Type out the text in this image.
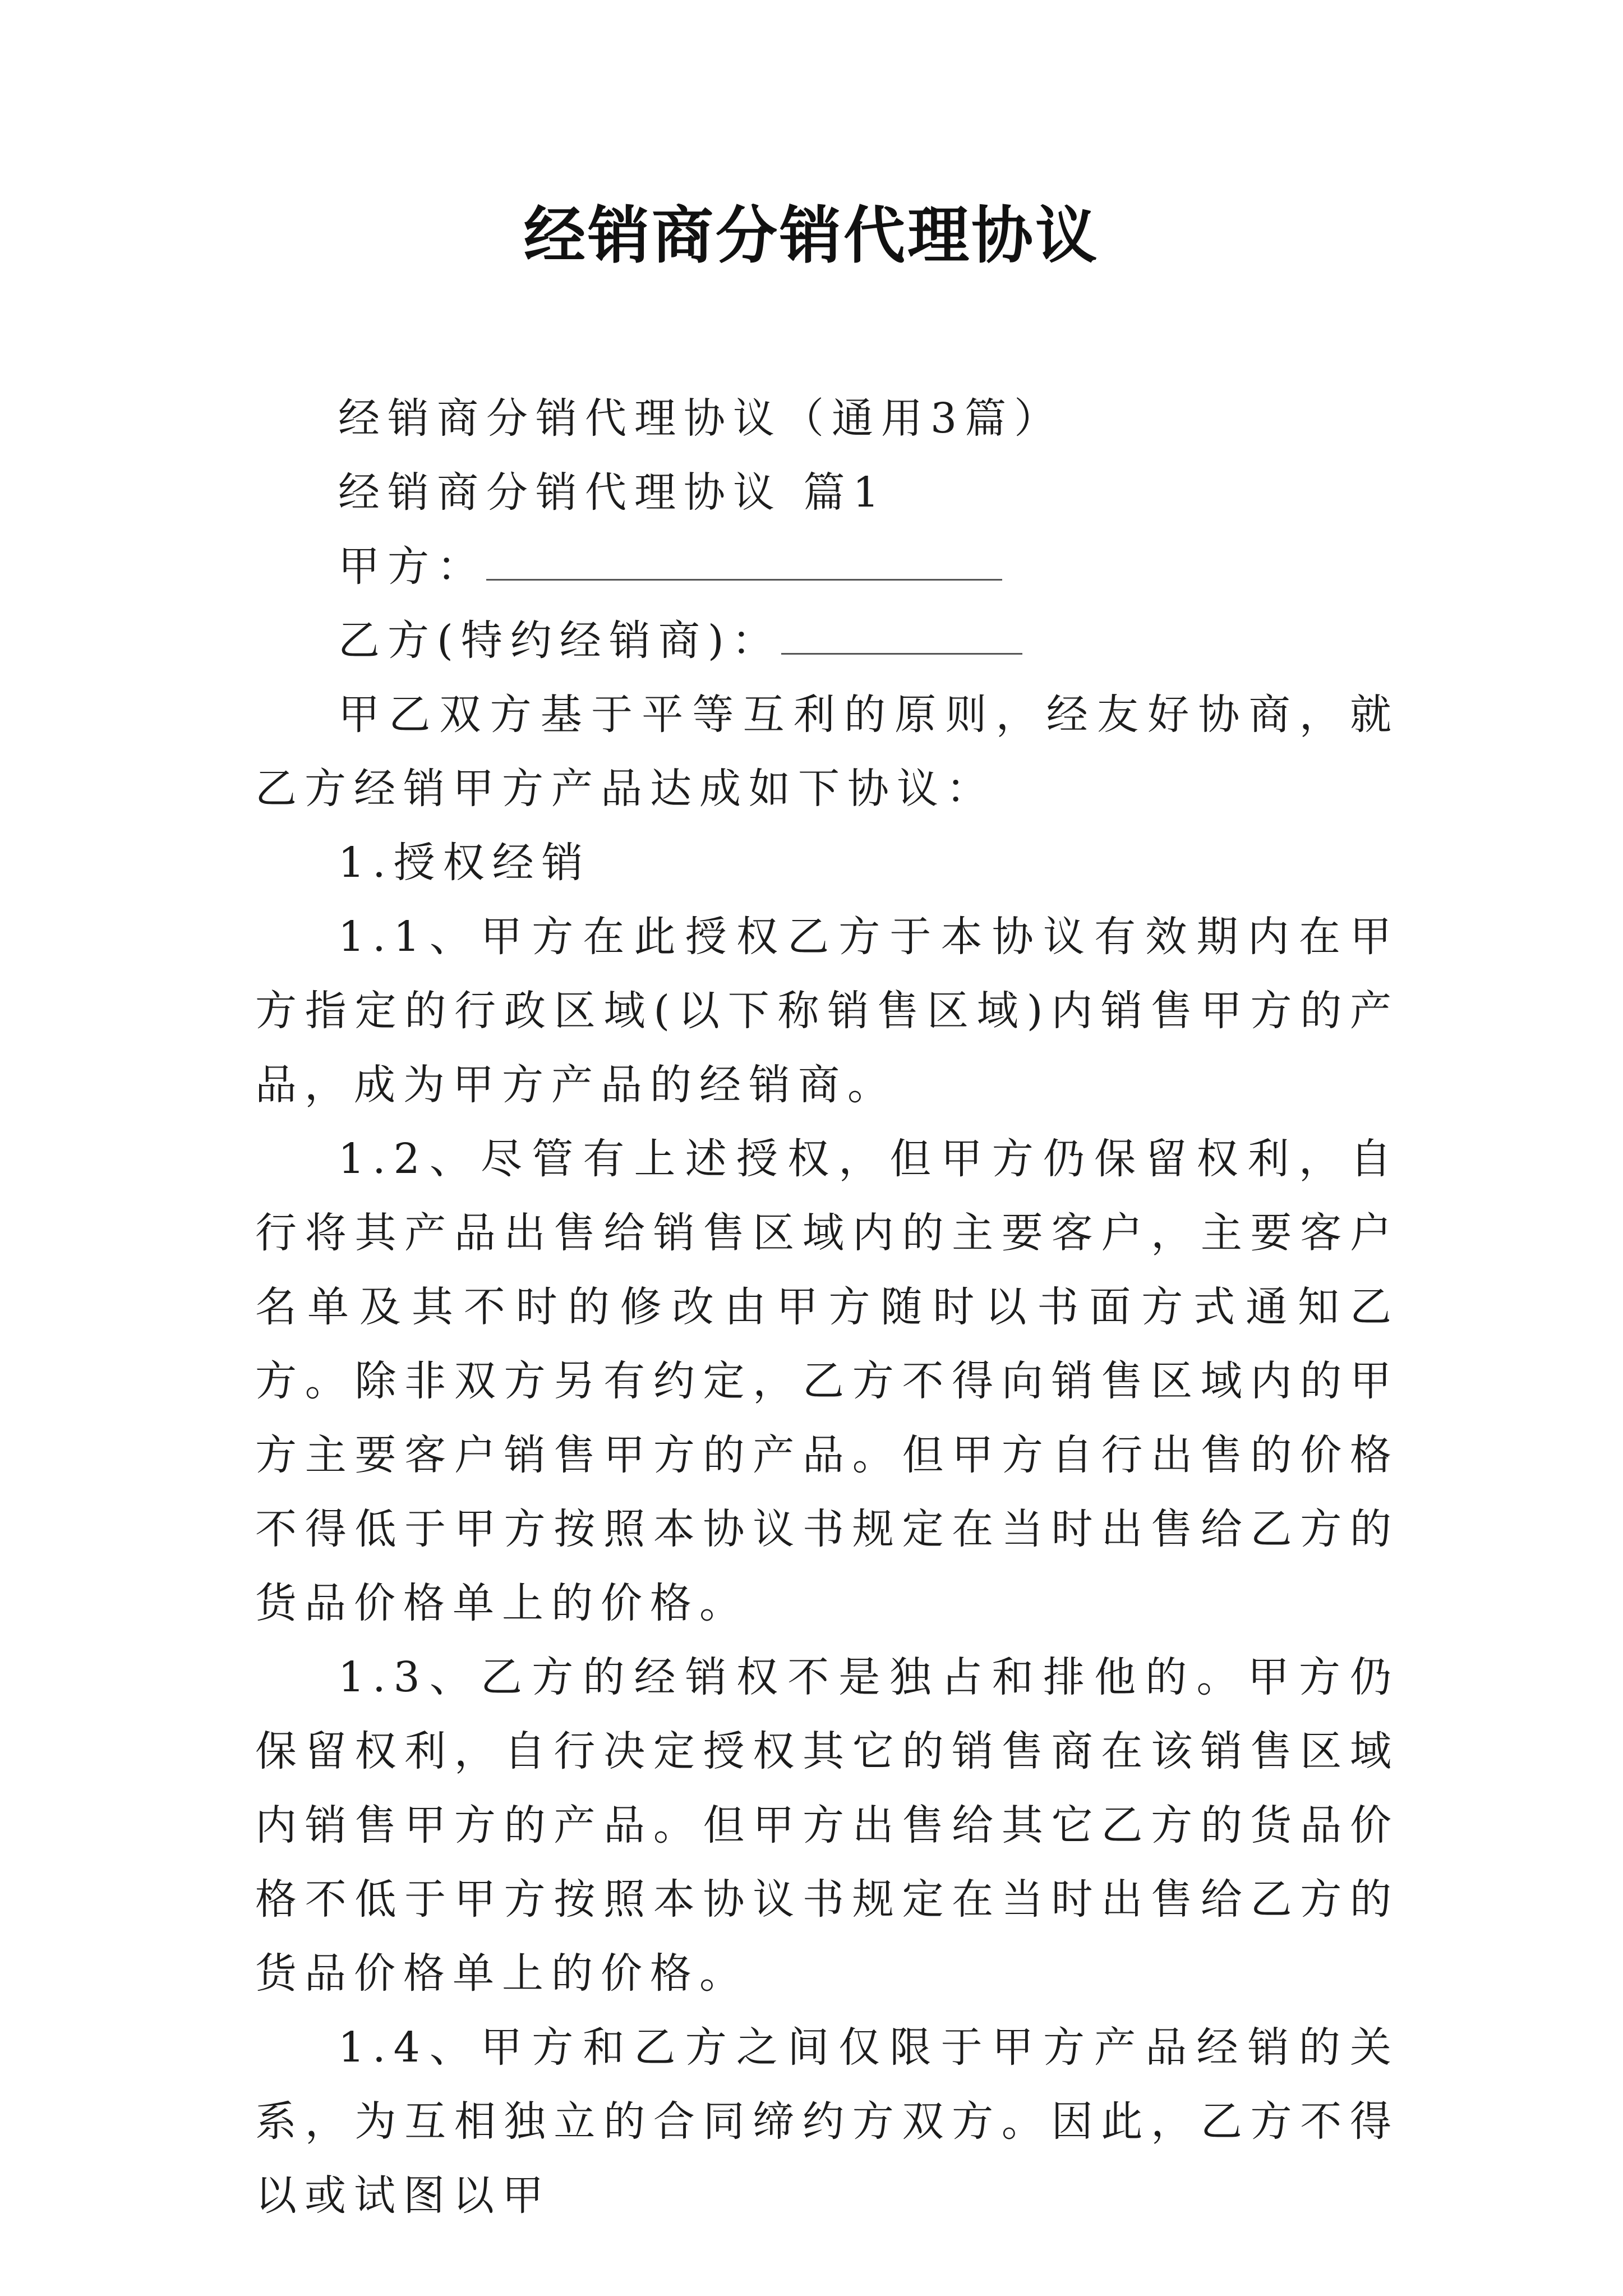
经销商分销代理协议

经销商分销代理协议（通用3篇）

经销商分销代理协议 篇1

甲方：

乙方(特约经销商)：

甲乙双方基于平等互利的原则，经友好协商，就乙方经销甲方产品达成如下协议：

1.授权经销

1.1、甲方在此授权乙方于本协议有效期内在甲方指定的行政区域(以下称销售区域)内销售甲方的产品，成为甲方产品的经销商。

1.2、尽管有上述授权，但甲方仍保留权利，自行将其产品出售给销售区域内的主要客户，主要客户名单及其不时的修改由甲方随时以书面方式通知乙方。除非双方另有约定，乙方不得向销售区域内的甲方主要客户销售甲方的产品。但甲方自行出售的价格不得低于甲方按照本协议书规定在当时出售给乙方的货品价格单上的价格。

1.3、乙方的经销权不是独占和排他的。甲方仍保留权利，自行决定授权其它的销售商在该销售区域内销售甲方的产品。但甲方出售给其它乙方的货品价格不低于甲方按照本协议书规定在当时出售给乙方的货品价格单上的价格。

1.4、甲方和乙方之间仅限于甲方产品经销的关系，为互相独立的合同缔约方双方。因此，乙方不得以或试图以甲
